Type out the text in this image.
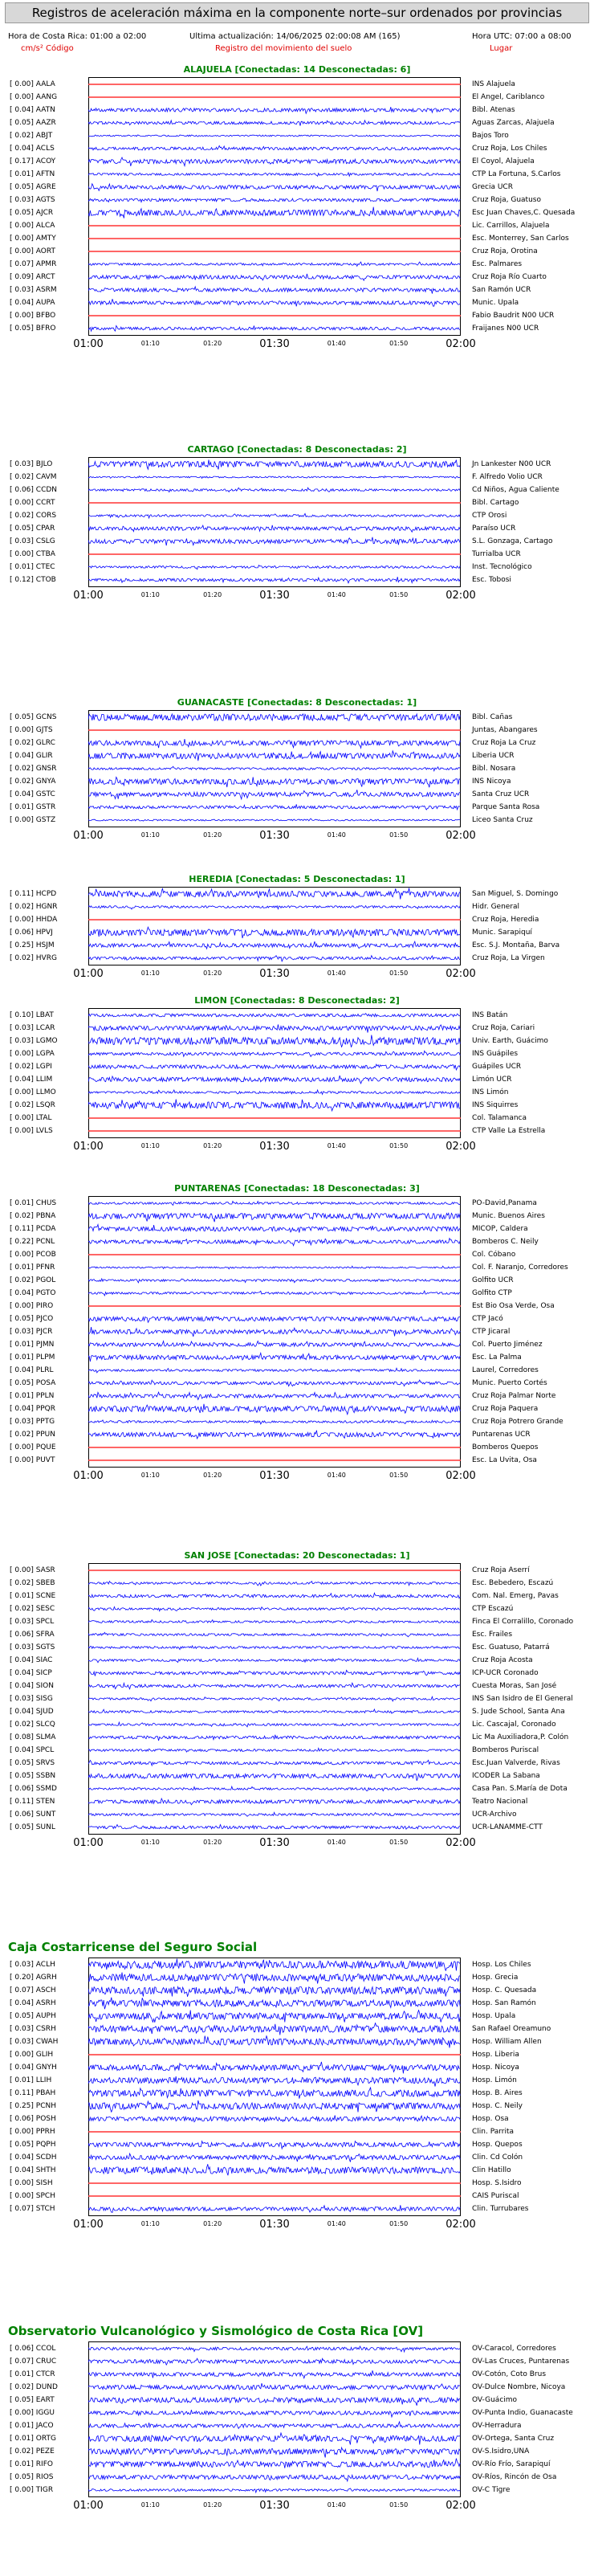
Registros de aceleración máxima en la componente norte–sur ordenados por provincias
Hora de Costa Rica: 01:00 a 02:00	Ultima actualización: 14/06/2025 02:00:08 AM (165)	Hora UTC: 07:00 a 08:00
cm/s² Código	Registro del movimiento del suelo	Lugar
ALAJUELA [Conectadas: 14 Desconectadas: 6]
[ 0.00] AALA	INS Alajuela
[ 0.00] AANG	El Angel, Cariblanco
[ 0.04] AATN	Bibl. Atenas
[ 0.05] AAZR	Aguas Zarcas, Alajuela
[ 0.02] ABJT	Bajos Toro
[ 0.04] ACLS	Cruz Roja, Los Chiles
[ 0.17] ACOY	El Coyol, Alajuela
[ 0.01] AFTN	CTP La Fortuna, S.Carlos
[ 0.05] AGRE	Grecia UCR
[ 0.03] AGTS	Cruz Roja, Guatuso
[ 0.05] AJCR	Esc Juan Chaves,C. Quesada
[ 0.00] ALCA	Lic. Carrillos, Alajuela
[ 0.00] AMTY	Esc. Monterrey, San Carlos
[ 0.00] AORT	Cruz Roja, Orotina
[ 0.07] APMR	Esc. Palmares
[ 0.09] ARCT	Cruz Roja Río Cuarto
[ 0.03] ASRM	San Ramón UCR
[ 0.04] AUPA	Munic. Upala
[ 0.00] BFBO	Fabio Baudrit N00 UCR
[ 0.05] BFRO	Fraijanes N00 UCR
01:00	01:10	01:20	01:30	01:40	01:50	02:00
CARTAGO [Conectadas: 8 Desconectadas: 2]
[ 0.03] BJLO	Jn Lankester N00 UCR
[ 0.02] CAVM	F. Alfredo Volio UCR
[ 0.06] CCDN	Cd Niños, Agua Caliente
[ 0.00] CCRT	Bibl. Cartago
[ 0.02] CORS	CTP Orosi
[ 0.05] CPAR	Paraíso UCR
[ 0.03] CSLG	S.L. Gonzaga, Cartago
[ 0.00] CTBA	Turrialba UCR
[ 0.01] CTEC	Inst. Tecnológico
[ 0.12] CTOB	Esc. Tobosi
01:00	01:10	01:20	01:30	01:40	01:50	02:00
GUANACASTE [Conectadas: 8 Desconectadas: 1]
[ 0.05] GCNS	Bibl. Cañas
[ 0.00] GJTS	Juntas, Abangares
[ 0.02] GLRC	Cruz Roja La Cruz
[ 0.04] GLIR	Liberia UCR
[ 0.02] GNSR	Bibl. Nosara
[ 0.02] GNYA	INS Nicoya
[ 0.04] GSTC	Santa Cruz UCR
[ 0.01] GSTR	Parque Santa Rosa
[ 0.00] GSTZ	Liceo Santa Cruz
01:00	01:10	01:20	01:30	01:40	01:50	02:00
HEREDIA [Conectadas: 5 Desconectadas: 1]
[ 0.11] HCPD	San Miguel, S. Domingo
[ 0.02] HGNR	Hidr. General
[ 0.00] HHDA	Cruz Roja, Heredia
[ 0.06] HPVJ	Munic. Sarapiquí
[ 0.25] HSJM	Esc. S.J. Montaña, Barva
[ 0.02] HVRG	Cruz Roja, La Virgen
01:00	01:10	01:20	01:30	01:40	01:50	02:00
LIMON [Conectadas: 8 Desconectadas: 2]
[ 0.10] LBAT	INS Batán
[ 0.03] LCAR	Cruz Roja, Cariari
[ 0.03] LGMO	Univ. Earth, Guácimo
[ 0.00] LGPA	INS Guápiles
[ 0.02] LGPI	Guápiles UCR
[ 0.04] LLIM	Limón UCR
[ 0.00] LLMO	INS Limón
[ 0.02] LSQR	INS Siquirres
[ 0.00] LTAL	Col. Talamanca
[ 0.00] LVLS	CTP Valle La Estrella
01:00	01:10	01:20	01:30	01:40	01:50	02:00
PUNTARENAS [Conectadas: 18 Desconectadas: 3]
[ 0.01] CHUS	PO-David,Panama
[ 0.02] PBNA	Munic. Buenos Aires
[ 0.11] PCDA	MICOP, Caldera
[ 0.22] PCNL	Bomberos C. Neily
[ 0.00] PCOB	Col. Cóbano
[ 0.01] PFNR	Col. F. Naranjo, Corredores
[ 0.02] PGOL	Golfito UCR
[ 0.04] PGTO	Golfito CTP
[ 0.00] PIRO	Est Bio Osa Verde, Osa
[ 0.05] PJCO	CTP Jacó
[ 0.03] PJCR	CTP Jicaral
[ 0.01] PJMN	Col. Puerto Jiménez
[ 0.01] PLPM	Esc. La Palma
[ 0.04] PLRL	Laurel, Corredores
[ 0.05] POSA	Munic. Puerto Cortés
[ 0.01] PPLN	Cruz Roja Palmar Norte
[ 0.04] PPQR	Cruz Roja Paquera
[ 0.03] PPTG	Cruz Roja Potrero Grande
[ 0.02] PPUN	Puntarenas UCR
[ 0.00] PQUE	Bomberos Quepos
[ 0.00] PUVT	Esc. La Uvita, Osa
01:00	01:10	01:20	01:30	01:40	01:50	02:00
SAN JOSE [Conectadas: 20 Desconectadas: 1]
[ 0.00] SASR	Cruz Roja Aserrí
[ 0.02] SBEB	Esc. Bebedero, Escazú
[ 0.01] SCNE	Com. Nal. Emerg, Pavas
[ 0.02] SESC	CTP Escazú
[ 0.03] SPCL	Finca El Corralillo, Coronado
[ 0.06] SFRA	Esc. Frailes
[ 0.03] SGTS	Esc. Guatuso, Patarrá
[ 0.04] SIAC	Cruz Roja Acosta
[ 0.04] SICP	ICP-UCR Coronado
[ 0.04] SION	Cuesta Moras, San José
[ 0.03] SISG	INS San Isidro de El General
[ 0.04] SJUD	S. Jude School, Santa Ana
[ 0.02] SLCQ	Lic. Cascajal, Coronado
[ 0.08] SLMA	Lic Ma Auxiliadora,P. Colón
[ 0.04] SPCL	Bomberos Puriscal
[ 0.05] SRVS	Esc.Juan Valverde, Rivas
[ 0.05] SSBN	ICODER La Sabana
[ 0.06] SSMD	Casa Pan. S.María de Dota
[ 0.11] STEN	Teatro Nacional
[ 0.06] SUNT	UCR-Archivo
[ 0.05] SUNL	UCR-LANAMME-CTT
01:00	01:10	01:20	01:30	01:40	01:50	02:00
Caja Costarricense del Seguro Social
[ 0.03] ACLH	Hosp. Los Chiles
[ 0.20] AGRH	Hosp. Grecia
[ 0.07] ASCH	Hosp. C. Quesada
[ 0.04] ASRH	Hosp. San Ramón
[ 0.05] AUPH	Hosp. Upala
[ 0.03] CSRH	San Rafael Oreamuno
[ 0.03] CWAH	Hosp. William Allen
[ 0.00] GLIH	Hosp. Liberia
[ 0.04] GNYH	Hosp. Nicoya
[ 0.01] LLIH	Hosp. Limón
[ 0.11] PBAH	Hosp. B. Aires
[ 0.25] PCNH	Hosp. C. Neily
[ 0.06] POSH	Hosp. Osa
[ 0.00] PPRH	Clin. Parrita
[ 0.05] PQPH	Hosp. Quepos
[ 0.04] SCDH	Clin. Cd Colón
[ 0.04] SHTH	Clin Hatillo
[ 0.00] SISH	Hosp. S.Isidro
[ 0.00] SPCH	CAIS Puriscal
[ 0.07] STCH	Clin. Turrubares
01:00	01:10	01:20	01:30	01:40	01:50	02:00
Observatorio Vulcanológico y Sismológico de Costa Rica [OV]
[ 0.06] CCOL	OV-Caracol, Corredores
[ 0.07] CRUC	OV-Las Cruces, Puntarenas
[ 0.01] CTCR	OV-Cotón, Coto Brus
[ 0.02] DUND	OV-Dulce Nombre, Nicoya
[ 0.05] EART	OV-Guácimo
[ 0.00] IGGU	OV-Punta Indio, Guanacaste
[ 0.01] JACO	OV-Herradura
[ 0.01] ORTG	OV-Ortega, Santa Cruz
[ 0.02] PEZE	OV-S.Isidro,UNA
[ 0.01] RIFO	OV-Río Frío, Sarapiquí
[ 0.05] RIOS	OV-Ríos, Rincón de Osa
[ 0.00] TIGR	OV-C Tigre
01:00	01:10	01:20	01:30	01:40	01:50	02:00
